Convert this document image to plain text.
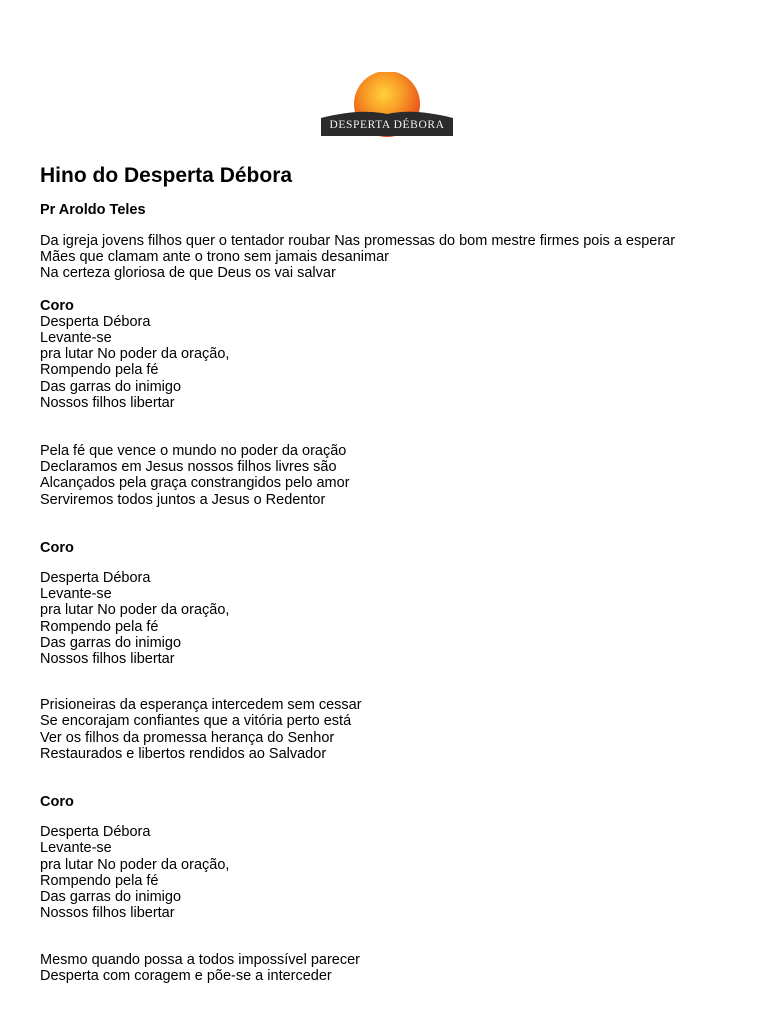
DESPERTA DÉBORA
Hino do Desperta Débora
Pr Aroldo Teles
Da igreja jovens filhos quer o tentador roubar Nas promessas do bom mestre firmes pois a esperar
Mães que clamam ante o trono sem jamais desanimar
Na certeza gloriosa de que Deus os vai salvar
Coro
Desperta Débora
Levante-se
pra lutar No poder da oração,
Rompendo pela fé
Das garras do inimigo
Nossos filhos libertar
Pela fé que vence o mundo no poder da oração
Declaramos em Jesus nossos filhos livres são
Alcançados pela graça constrangidos pelo amor
Serviremos todos juntos a Jesus o Redentor
Coro
Desperta Débora
Levante-se
pra lutar No poder da oração,
Rompendo pela fé
Das garras do inimigo
Nossos filhos libertar
Prisioneiras da esperança intercedem sem cessar
Se encorajam confiantes que a vitória perto está
Ver os filhos da promessa herança do Senhor
Restaurados e libertos rendidos ao Salvador
Coro
Desperta Débora
Levante-se
pra lutar No poder da oração,
Rompendo pela fé
Das garras do inimigo
Nossos filhos libertar
Mesmo quando possa a todos impossível parecer
Desperta com coragem e põe-se a interceder
